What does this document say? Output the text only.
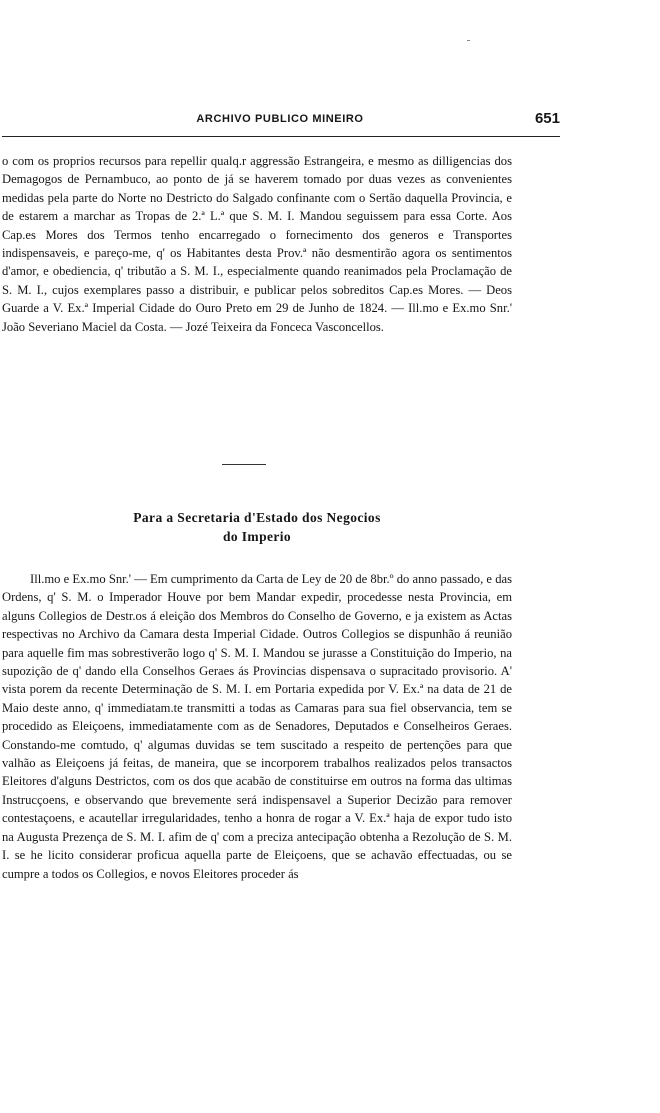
ARCHIVO PUBLICO MINEIRO	651
o com os proprios recursos para repellir qualq.r aggressão Estrangeira, e mesmo as dilligencias dos Demagogos de Pernambuco, ao ponto de já se haverem tomado por duas vezes as convenientes medidas pela parte do Norte no Destricto do Salgado confinante com o Sertão daquella Provincia, e de estarem a marchar as Tropas de 2.ª L.ª que S. M. I. Mandou seguissem para essa Corte. Aos Cap.es Mores dos Termos tenho encarregado o fornecimento dos generos e Transportes indispensaveis, e pareço-me, q' os Habitantes desta Prov.ª não desmentirão agora os sentimentos d'amor, e obediencia, q' tributão a S. M. I., especialmente quando reanimados pela Proclamação de S. M. I., cujos exemplares passo a distribuir, e publicar pelos sobreditos Cap.es Mores. — Deos Guarde a V. Ex.ª Imperial Cidade do Ouro Preto em 29 de Junho de 1824. — Ill.mo e Ex.mo Snr.' João Severiano Maciel da Costa. — Jozé Teixeira da Fonceca Vasconcellos.
Para a Secretaria d'Estado dos Negocios
do Imperio
Ill.mo e Ex.mo Snr.' — Em cumprimento da Carta de Ley de 20 de 8br.º do anno passado, e das Ordens, q' S. M. o Imperador Houve por bem Mandar expedir, procedesse nesta Provincia, em alguns Collegios de Destr.os á eleição dos Membros do Conselho de Governo, e ja existem as Actas respectivas no Archivo da Camara desta Imperial Cidade. Outros Collegios se dispunhão á reunião para aquelle fim mas sobrestiverão logo q' S. M. I. Mandou se jurasse a Constituição do Imperio, na supozição de q' dando ella Conselhos Geraes ás Provincias dispensava o supracitado provisorio. A' vista porem da recente Determinação de S. M. I. em Portaria expedida por V. Ex.ª na data de 21 de Maio deste anno, q' immediatam.te transmitti a todas as Camaras para sua fiel observancia, tem se procedido as Eleiçoens, immediatamente com as de Senadores, Deputados e Conselheiros Geraes. Constando-me comtudo, q' algumas duvidas se tem suscitado a respeito de pertenções para que valhão as Eleiçoens já feitas, de maneira, que se incorporem trabalhos realizados pelos transactos Eleitores d'alguns Destrictos, com os dos que acabão de constituirse em outros na forma das ultimas Instrucçoens, e observando que brevemente será indispensavel a Superior Decizão para remover contestaçoens, e acautellar irregularidades, tenho a honra de rogar a V. Ex.ª haja de expor tudo isto na Augusta Prezença de S. M. I. afim de q' com a preciza antecipação obtenha a Rezolução de S. M. I. se he licito considerar proficua aquella parte de Eleiçoens, que se achavão effectuadas, ou se cumpre a todos os Collegios, e novos Eleitores proceder ás
